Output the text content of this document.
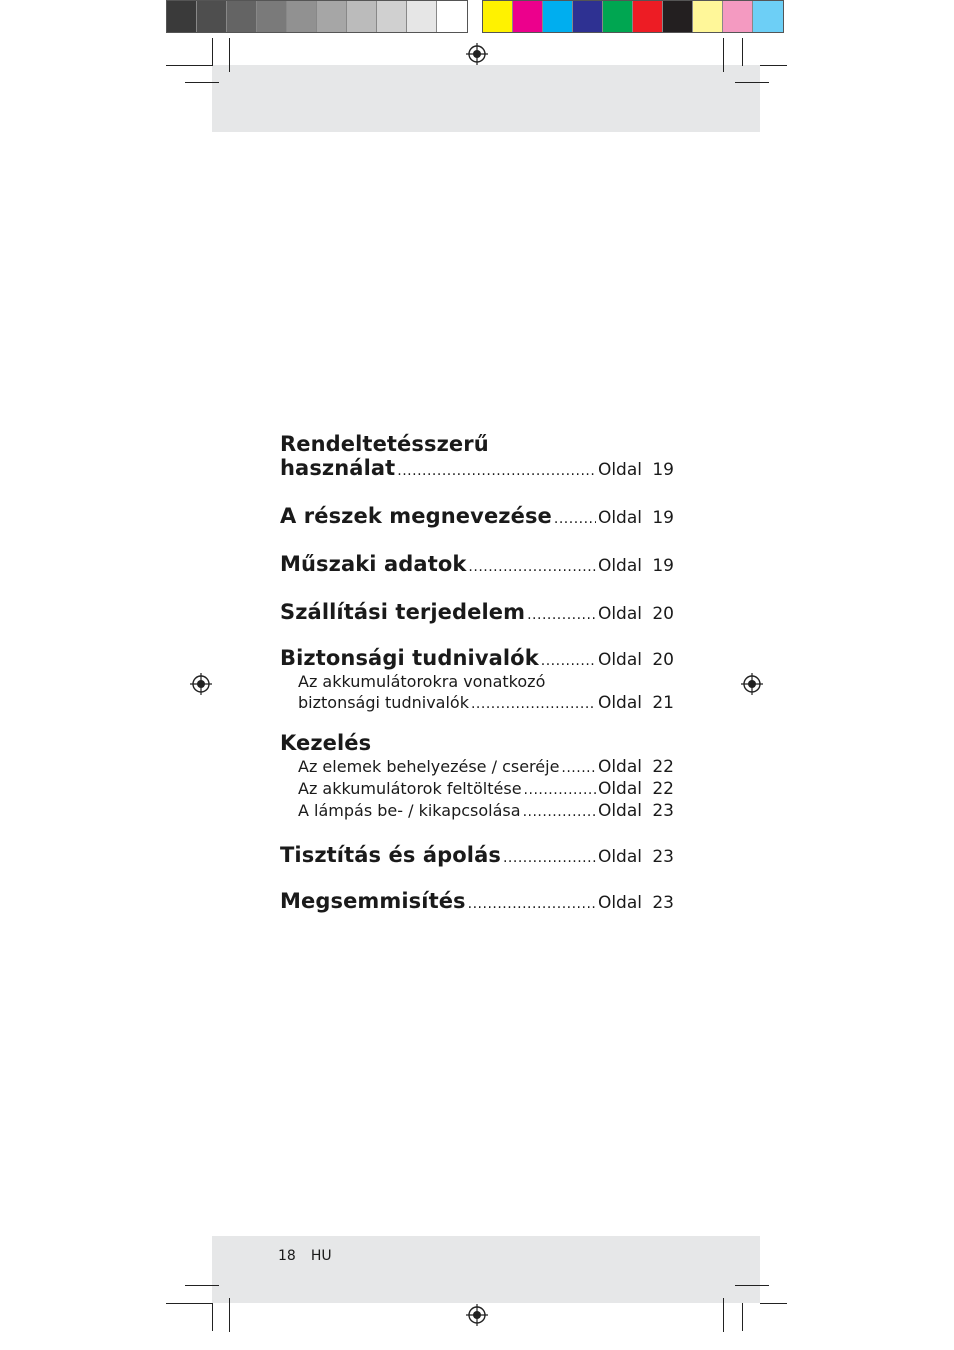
Rendeltetésszerű
használat .....	Oldal 19
A részek megnevezése .....	Oldal 19
Műszaki adatok .....	Oldal 19
Szállítási terjedelem .....	Oldal 20
Biztonsági tudnivalók .....	Oldal 20
Az akkumulátorokra vonatkozó
biztonsági tudnivalók .....	Oldal 21
Kezelés
Az elemek behelyezése / cseréje ..... Oldal 22
Az akkumulátorok feltöltése .....	Oldal 22
A lámpás be- / kikapcsolása .....	Oldal 23
Tisztítás és ápolás .....	Oldal 23
Megsemmisítés .....	Oldal 23
18 HU
